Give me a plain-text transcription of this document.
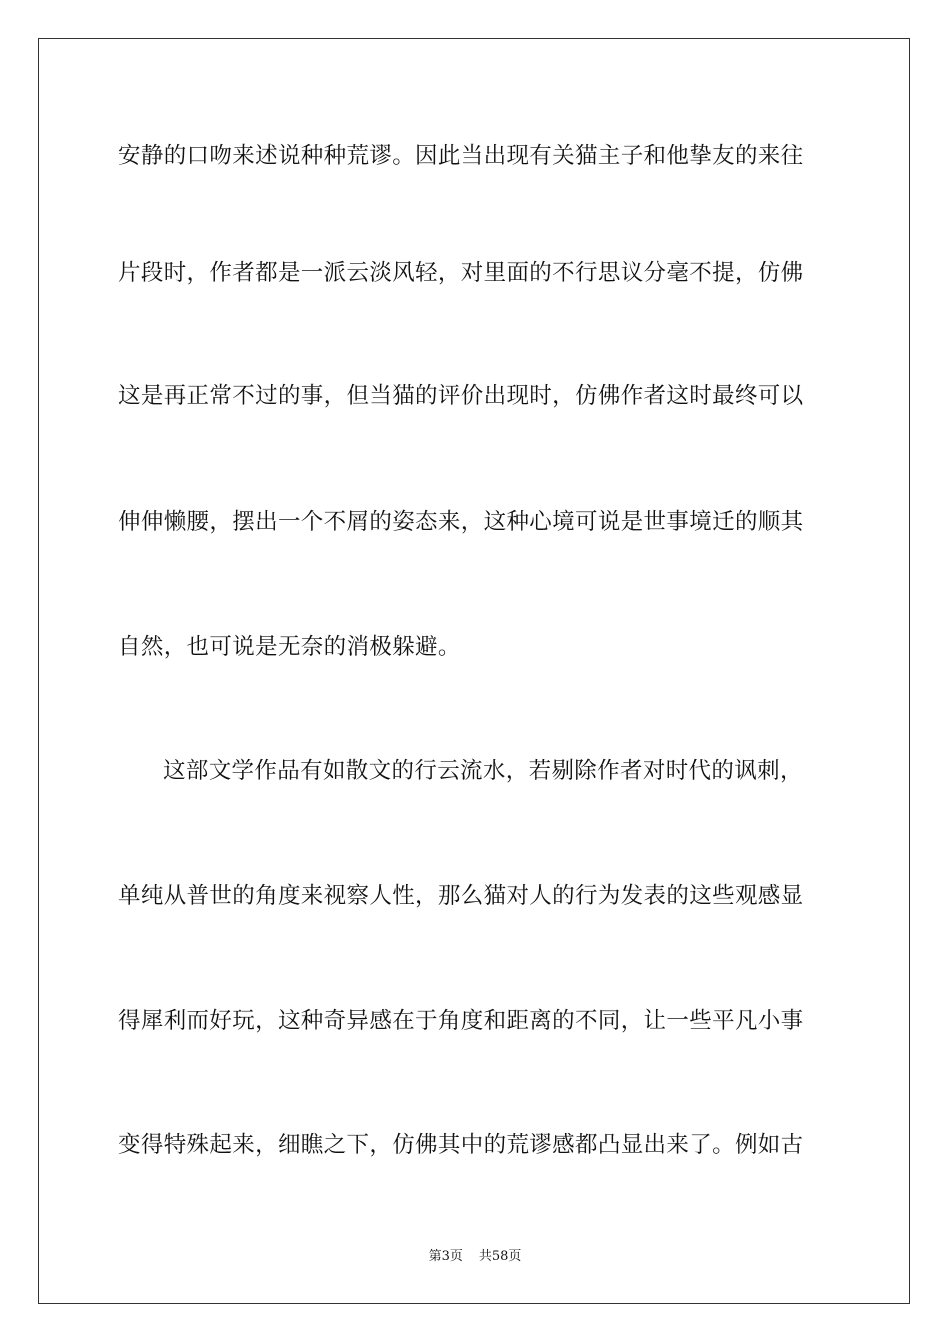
安静的口吻来述说种种荒谬。因此当出现有关猫主子和他挚友的来往
片段时，作者都是一派云淡风轻，对里面的不行思议分毫不提，仿佛
这是再正常不过的事，但当猫的评价出现时，仿佛作者这时最终可以
伸伸懒腰，摆出一个不屑的姿态来，这种心境可说是世事境迁的顺其
自然，也可说是无奈的消极躲避。
这部文学作品有如散文的行云流水，若剔除作者对时代的讽刺，
单纯从普世的角度来视察人性，那么猫对人的行为发表的这些观感显
得犀利而好玩，这种奇异感在于角度和距离的不同，让一些平凡小事
变得特殊起来，细瞧之下，仿佛其中的荒谬感都凸显出来了。例如古
第3页 共58页
